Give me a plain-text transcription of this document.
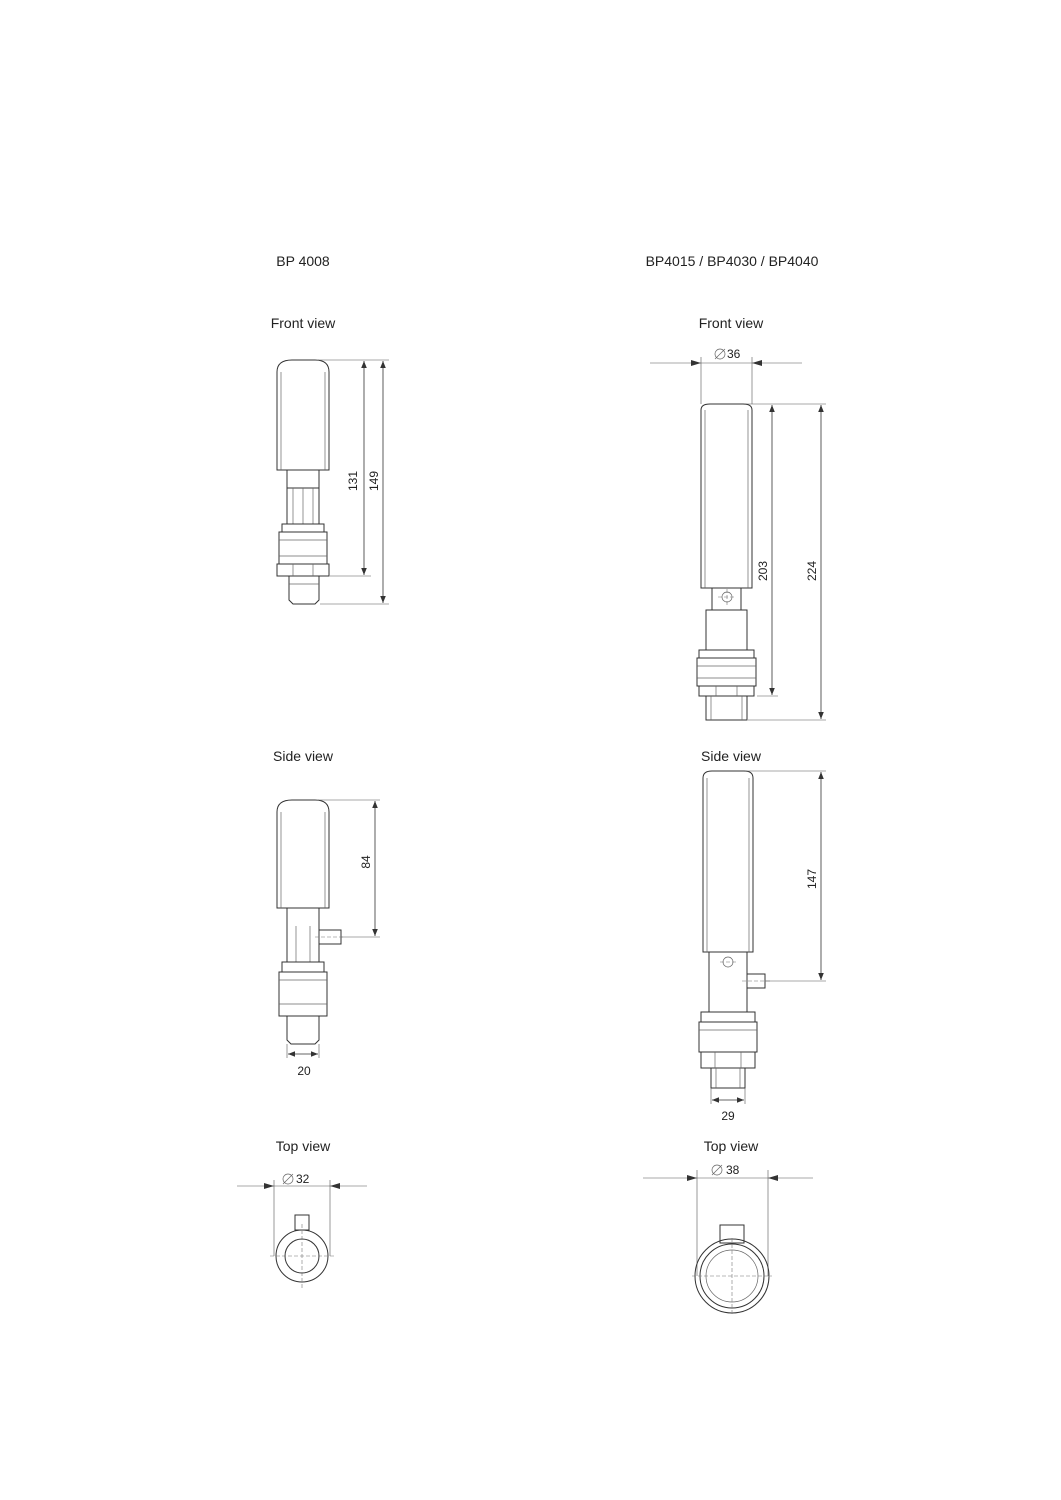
BP 4008	BP4015 / BP4030 / BP4040
Front view	Front view
Side view	Side view
Top view	Top view
131 149
84
20
32
203	224
36
147
29
38
